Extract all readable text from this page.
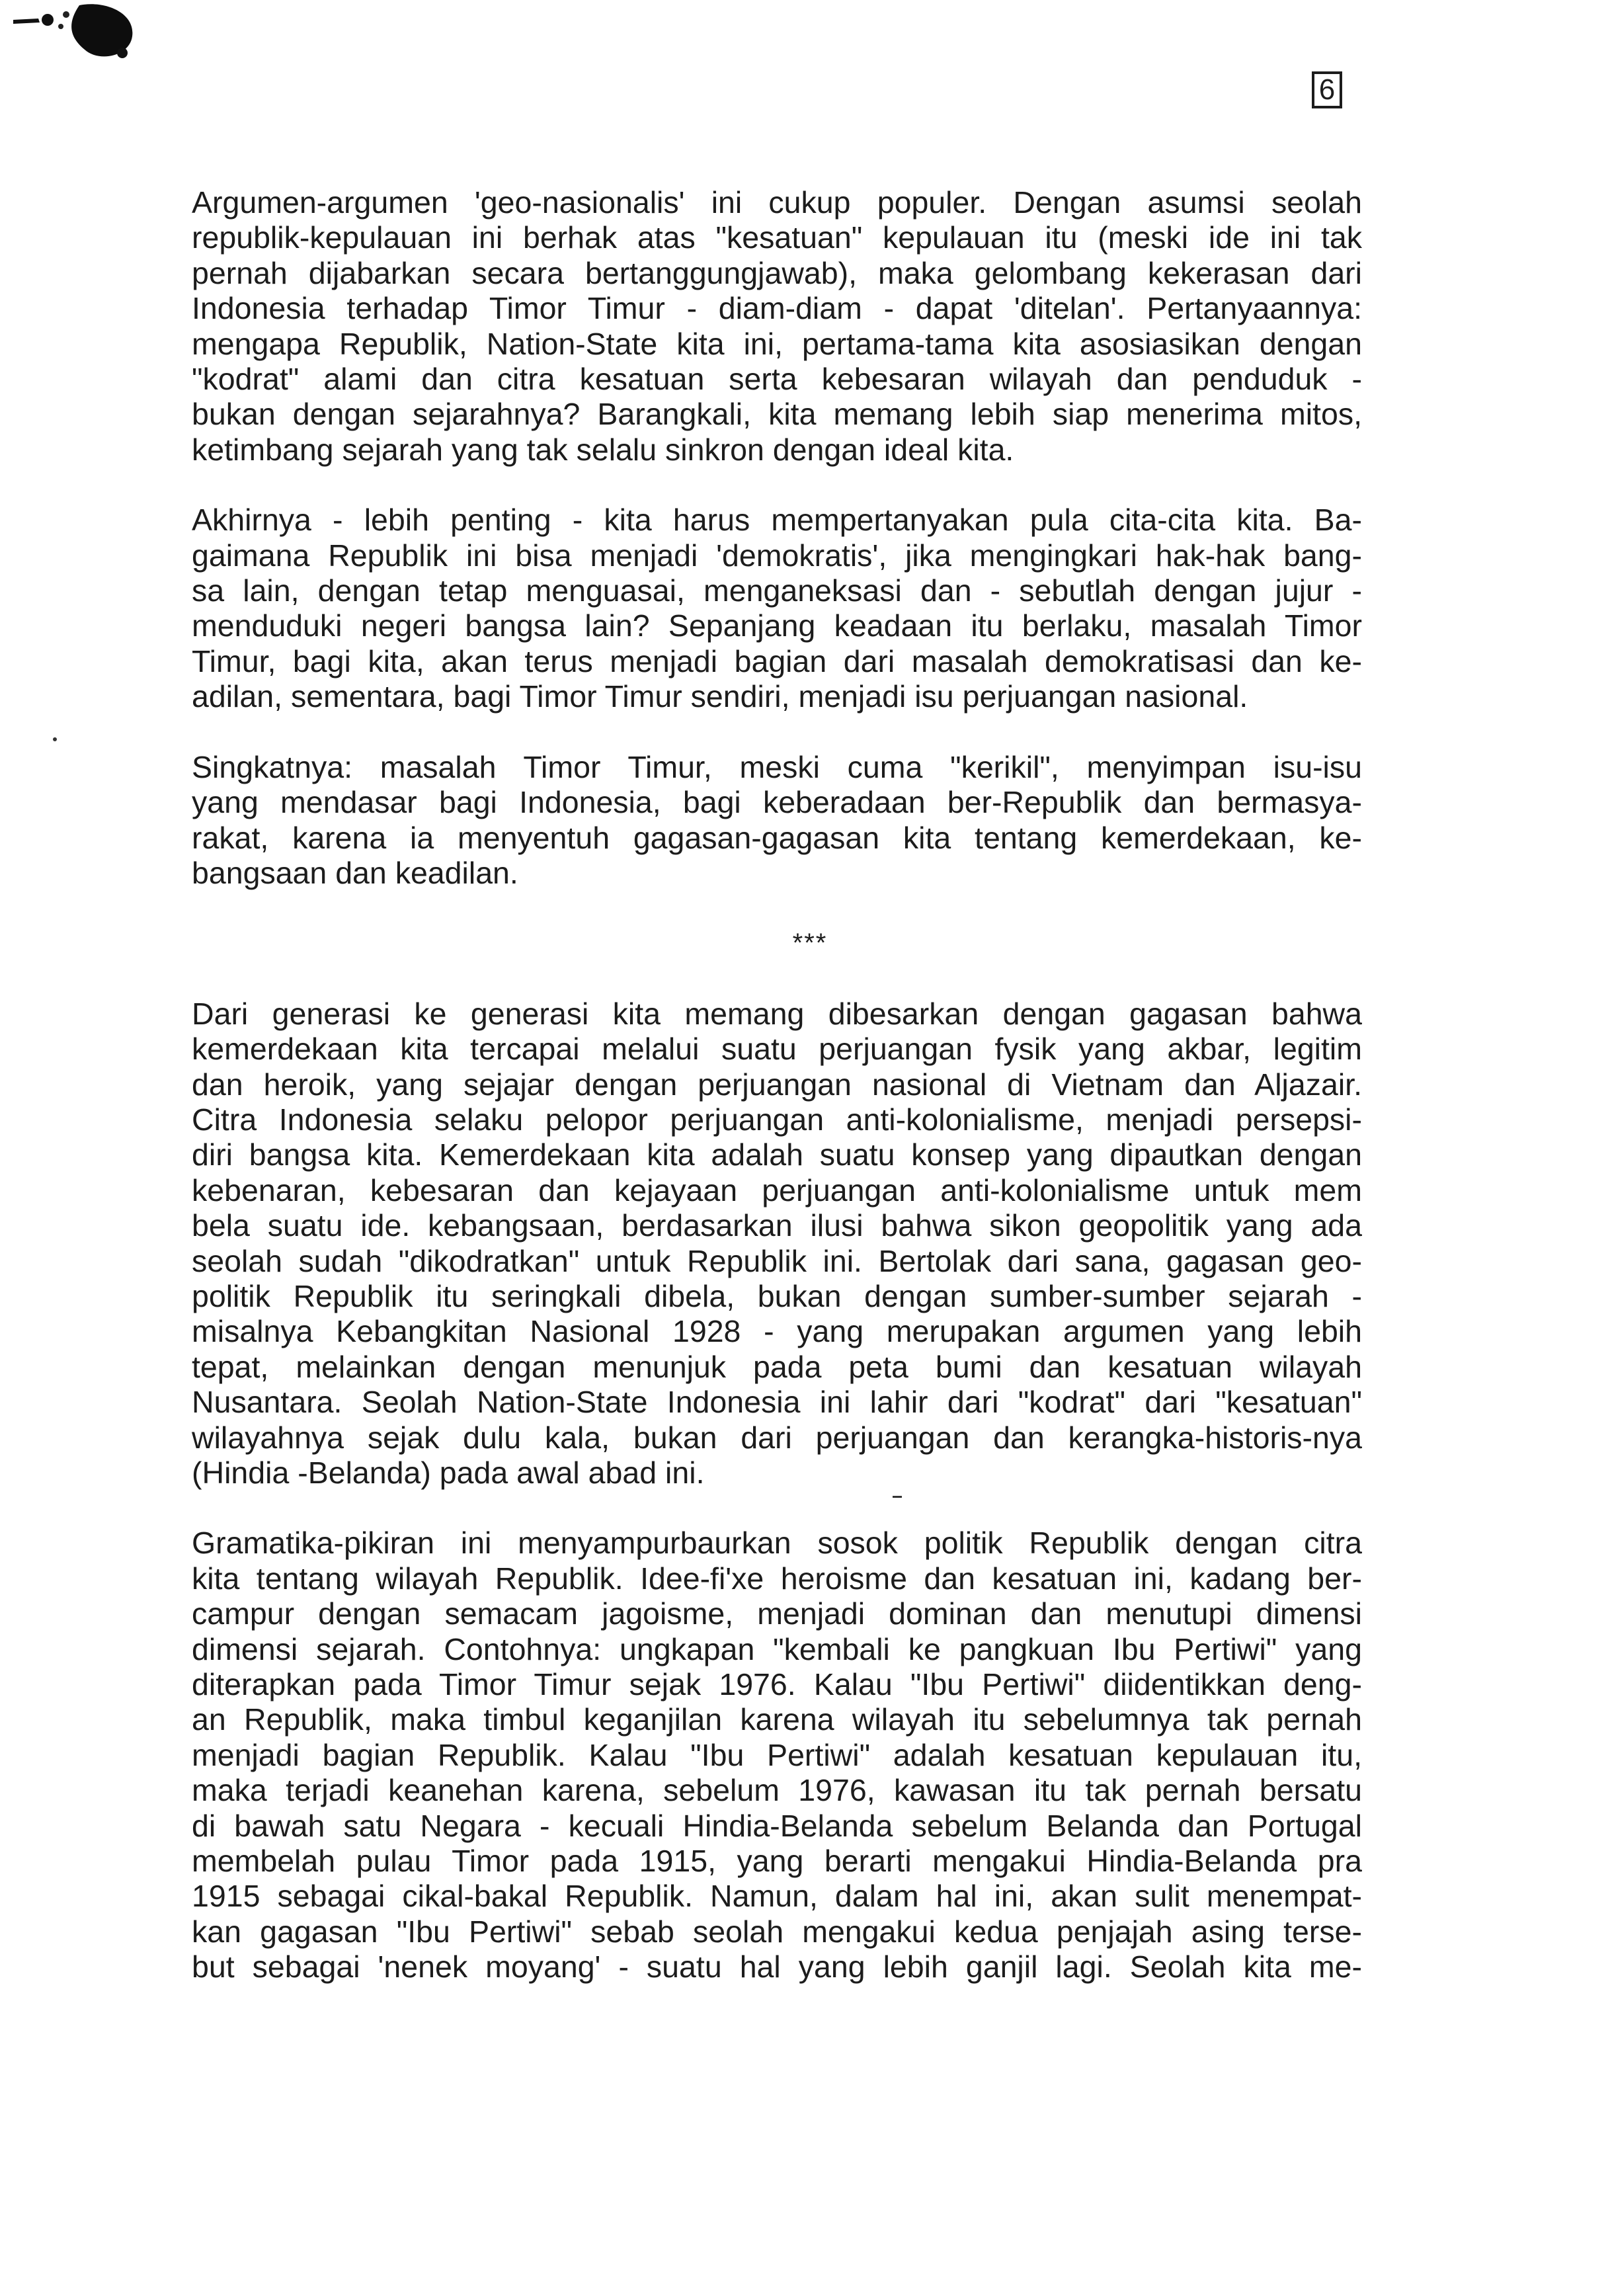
6

Argumen-argumen 'geo-nasionalis' ini cukup populer. Dengan asumsi seolah
republik-kepulauan ini berhak atas "kesatuan" kepulauan itu (meski ide ini tak
pernah dijabarkan secara bertanggungjawab), maka gelombang kekerasan dari
Indonesia terhadap Timor Timur - diam-diam - dapat 'ditelan'. Pertanyaannya:
mengapa Republik, Nation-State kita ini, pertama-tama kita asosiasikan dengan
"kodrat" alami dan citra kesatuan serta kebesaran wilayah dan penduduk -
bukan dengan sejarahnya? Barangkali, kita memang lebih siap menerima mitos,
ketimbang sejarah yang tak selalu sinkron dengan ideal kita.

Akhirnya - lebih penting - kita harus mempertanyakan pula cita-cita kita. Ba-
gaimana Republik ini bisa menjadi 'demokratis', jika mengingkari hak-hak bang-
sa lain, dengan tetap menguasai, menganeksasi dan - sebutlah dengan jujur -
menduduki negeri bangsa lain? Sepanjang keadaan itu berlaku, masalah Timor
Timur, bagi kita, akan terus menjadi bagian dari masalah demokratisasi dan ke-
adilan, sementara, bagi Timor Timur sendiri, menjadi isu perjuangan nasional.

Singkatnya: masalah Timor Timur, meski cuma "kerikil", menyimpan isu-isu
yang mendasar bagi Indonesia, bagi keberadaan ber-Republik dan bermasya-
rakat, karena ia menyentuh gagasan-gagasan kita tentang kemerdekaan, ke-
bangsaan dan keadilan.

***

Dari generasi ke generasi kita memang dibesarkan dengan gagasan bahwa
kemerdekaan kita tercapai melalui suatu perjuangan fysik yang akbar, legitim
dan heroik, yang sejajar dengan perjuangan nasional di Vietnam dan Aljazair.
Citra Indonesia selaku pelopor perjuangan anti-kolonialisme, menjadi persepsi-
diri bangsa kita. Kemerdekaan kita adalah suatu konsep yang dipautkan dengan
kebenaran, kebesaran dan kejayaan perjuangan anti-kolonialisme untuk mem
bela suatu ide. kebangsaan, berdasarkan ilusi bahwa sikon geopolitik yang ada
seolah sudah "dikodratkan" untuk Republik ini. Bertolak dari sana, gagasan geo-
politik Republik itu seringkali dibela, bukan dengan sumber-sumber sejarah -
misalnya Kebangkitan Nasional 1928 - yang merupakan argumen yang lebih
tepat, melainkan dengan menunjuk pada peta bumi dan kesatuan wilayah
Nusantara. Seolah Nation-State Indonesia ini lahir dari "kodrat" dari "kesatuan"
wilayahnya sejak dulu kala, bukan dari perjuangan dan kerangka-historis-nya
(Hindia -Belanda) pada awal abad ini.

Gramatika-pikiran ini menyampurbaurkan sosok politik Republik dengan citra
kita tentang wilayah Republik. Idee-fi'xe heroisme dan kesatuan ini, kadang ber-
campur dengan semacam jagoisme, menjadi dominan dan menutupi dimensi
dimensi sejarah. Contohnya: ungkapan "kembali ke pangkuan Ibu Pertiwi" yang
diterapkan pada Timor Timur sejak 1976. Kalau "Ibu Pertiwi" diidentikkan deng-
an Republik, maka timbul keganjilan karena wilayah itu sebelumnya tak pernah
menjadi bagian Republik. Kalau "Ibu Pertiwi" adalah kesatuan kepulauan itu,
maka terjadi keanehan karena, sebelum 1976, kawasan itu tak pernah bersatu
di bawah satu Negara - kecuali Hindia-Belanda sebelum Belanda dan Portugal
membelah pulau Timor pada 1915, yang berarti mengakui Hindia-Belanda pra
1915 sebagai cikal-bakal Republik. Namun, dalam hal ini, akan sulit menempat-
kan gagasan "Ibu Pertiwi" sebab seolah mengakui kedua penjajah asing terse-
but sebagai 'nenek moyang' - suatu hal yang lebih ganjil lagi. Seolah kita me-
